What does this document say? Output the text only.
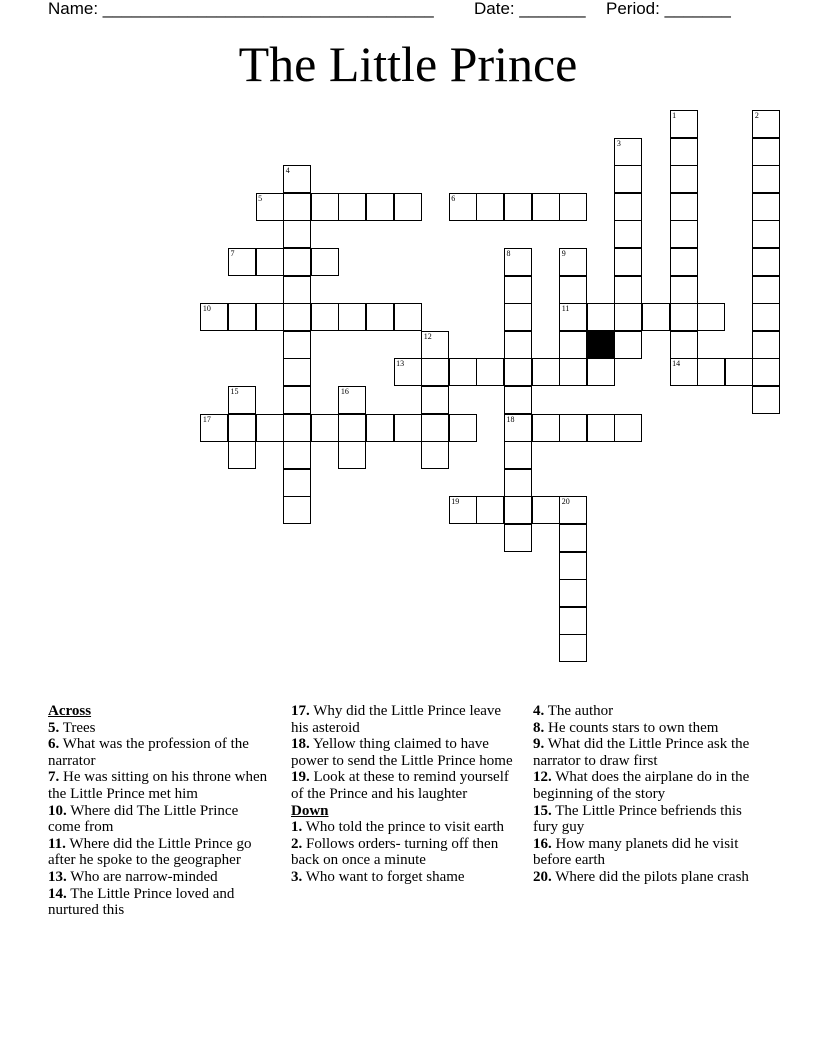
Name: ___________________________________ Date: _______ Period: _______
The Little Prince
1	2
3
4
5	6
7	8	9
10	11
12
13	14
15	16
17	18
19	20
Across
5. Trees
6. What was the profession of the narrator
7. He was sitting on his throne when the Little Prince met him
10. Where did The Little Prince come from
11. Where did the Little Prince go after he spoke to the geographer
13. Who are narrow-minded
14. The Little Prince loved and nurtured this
17. Why did the Little Prince leave his asteroid
18. Yellow thing claimed to have power to send the Little Prince home
19. Look at these to remind yourself of the Prince and his laughter
Down
1. Who told the prince to visit earth
2. Follows orders- turning off then back on once a minute
3. Who want to forget shame
4. The author
8. He counts stars to own them
9. What did the Little Prince ask the narrator to draw first
12. What does the airplane do in the beginning of the story
15. The Little Prince befriends this fury guy
16. How many planets did he visit before earth
20. Where did the pilots plane crash
